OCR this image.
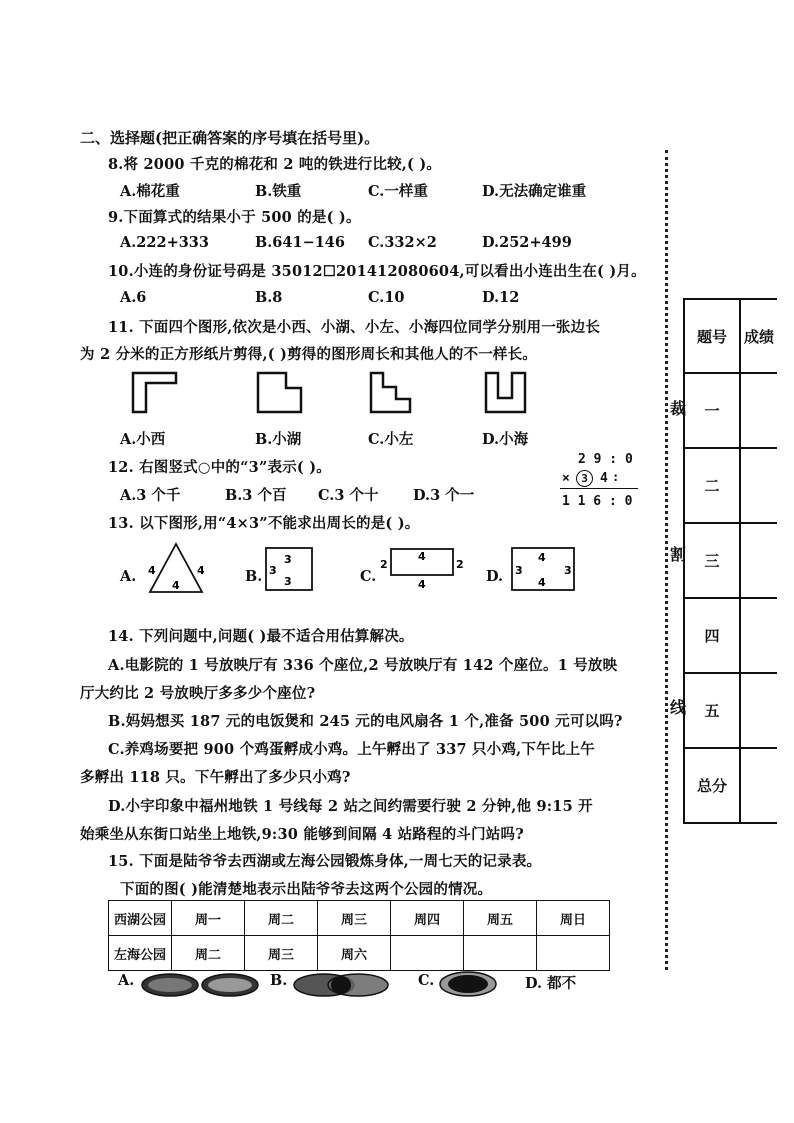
二、选择题(把正确答案的序号填在括号里)。
8.将 2000 千克的棉花和 2 吨的铁进行比较,( )。
A.棉花重	B.铁重	C.一样重	D.无法确定谁重
9.下面算式的结果小于 500 的是( )。
A.222+333	B.641−146 C.332×2	D.252+499
10.小连的身份证号码是 35012☐201412080604,可以看出小连出生在( )月。
A.6	B.8	C.10	D.12
11. 下面四个图形,依次是小西、小湖、小左、小海四位同学分别用一张边长
为 2 分米的正方形纸片剪得,( )剪得的图形周长和其他人的不一样长。
A.小西	B.小湖	C.小左	D.小海
12. 右图竖式○中的“3”表示( )。
A.3 个千	B.3 个百 C.3 个十 D.3 个一
2 9 : 0
×	3 4
1 1 6 : 0
:
13. 以下图形,用“4×3”不能求出周长的是( )。
A. 4	4
4
B.
3
3
3	C.
4
2	2
4	D.
4
3	3
4
14. 下列问题中,问题( )最不适合用估算解决。
A.电影院的 1 号放映厅有 336 个座位,2 号放映厅有 142 个座位。1 号放映
厅大约比 2 号放映厅多多少个座位?
B.妈妈想买 187 元的电饭煲和 245 元的电风扇各 1 个,准备 500 元可以吗?
C.养鸡场要把 900 个鸡蛋孵成小鸡。上午孵出了 337 只小鸡,下午比上午
多孵出 118 只。下午孵出了多少只小鸡?
D.小宇印象中福州地铁 1 号线每 2 站之间约需要行驶 2 分钟,他 9:15 开
始乘坐从东街口站坐上地铁,9:30 能够到间隔 4 站路程的斗门站吗?
15. 下面是陆爷爷去西湖或左海公园锻炼身体,一周七天的记录表。
下面的图( )能清楚地表示出陆爷爷去这两个公园的情况。
西湖公园	周一	周二	周三	周四	周五	周日
左海公园	周二	周三	周六			
A.	B.	C.	D. 都不
裁
割
线
题号	成绩
一	
二	
三	
四	
五	
总分	
